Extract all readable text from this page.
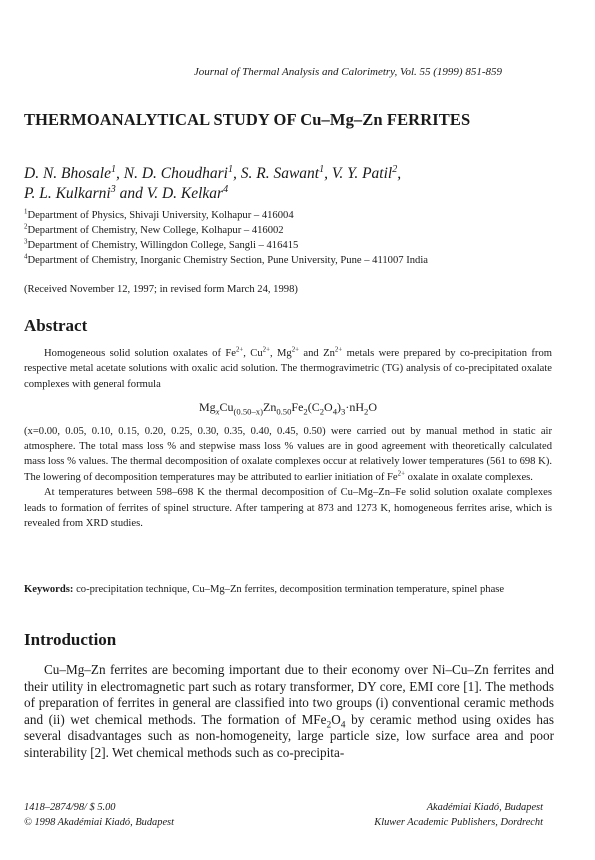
Journal of Thermal Analysis and Calorimetry, Vol. 55 (1999) 851-859
THERMOANALYTICAL STUDY OF Cu–Mg–Zn FERRITES
D. N. Bhosale$^1$, N. D. Choudhari$^1$, S. R. Sawant$^1$, V. Y. Patil$^2$,
P. L. Kulkarni$^3$ and V. D. Kelkar$^4$
$^1$Department of Physics, Shivaji University, Kolhapur – 416004
$^2$Department of Chemistry, New College, Kolhapur – 416002
$^3$Department of Chemistry, Willingdon College, Sangli – 416415
$^4$Department of Chemistry, Inorganic Chemistry Section, Pune University, Pune – 411007 India
(Received November 12, 1997; in revised form March 24, 1998)
Abstract

Homogeneous solid solution oxalates of $Fe^{2+}$, $Cu^{2+}$, $Mg^{2+}$ and $Zn^{2+}$ metals were prepared by co-precipitation from respective metal acetate solutions with oxalic acid solution. The thermogravimetric (TG) analysis of co-precipitated oxalate complexes with general formula

$Mg_xCu_{(0.50-x)}Zn_{0.50}Fe_2(C_2O_4)_3\cdot nH_2O$

(x=0.00, 0.05, 0.10, 0.15, 0.20, 0.25, 0.30, 0.35, 0.40, 0.45, 0.50) were carried out by manual method in static air atmosphere. The total mass loss % and stepwise mass loss % values are in good agreement with theoretically calculated mass loss % values. The thermal decomposition of oxalate complexes occur at relatively lower temperatures (561 to 698 K). The lowering of decomposition temperatures may be attributed to earlier initiation of $Fe^{2+}$ oxalate in oxalate complexes.

At temperatures between 598–698 K the thermal decomposition of Cu–Mg–Zn–Fe solid solution oxalate complexes leads to formation of ferrites of spinel structure. After tampering at 873 and 1273 K, homogeneous ferrites arise, which is revealed from XRD studies.

Keywords: co-precipitation technique, Cu–Mg–Zn ferrites, decomposition termination temperature, spinel phase
Introduction

Cu–Mg–Zn ferrites are becoming important due to their economy over Ni–Cu–Zn ferrites and their utility in electromagnetic part such as rotary transformer, DY core, EMI core [1]. The methods of preparation of ferrites in general are classified into two groups (i) conventional ceramic methods and (ii) wet chemical methods. The formation of $MFe_2O_4$ by ceramic method using oxides has several disadvantages such as non-homogeneity, large particle size, low surface area and poor sinterability [2]. Wet chemical methods such as co-precipita-

1418–2874/98/ $ 5.00
© 1998 Akadémiai Kiadó, Budapest
Akadémiai Kiadó, Budapest
Kluwer Academic Publishers, Dordrecht
